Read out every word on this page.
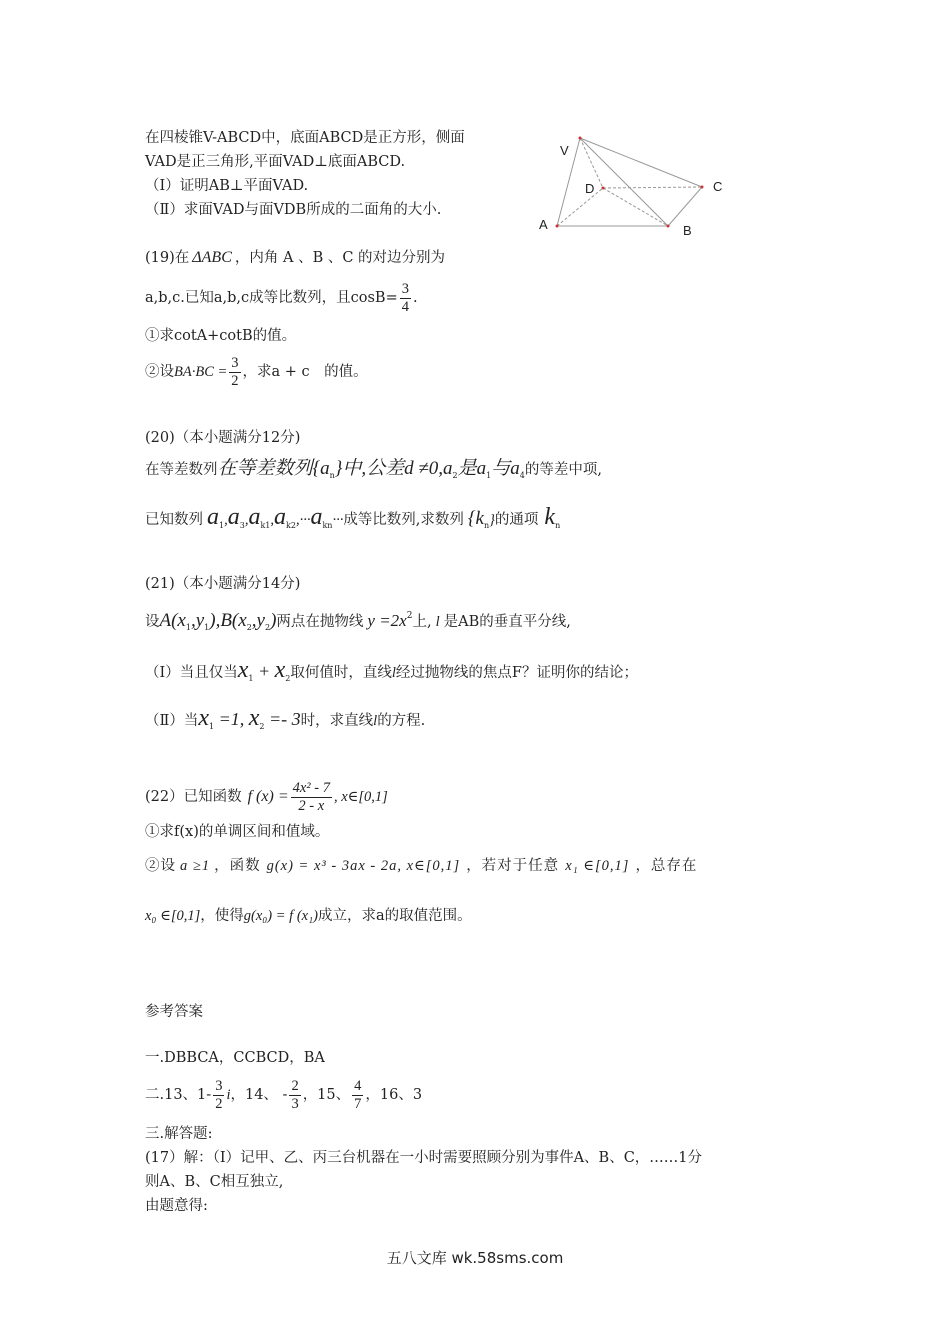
在四棱锥V-ABCD中，底面ABCD是正方形，侧面
VAD是正三角形,平面VAD⊥底面ABCD.
（Ⅰ）证明AB⊥平面VAD.
（Ⅱ）求面VAD与面VDB所成的二面角的大小.
V
D	C
A	B
(19)在 ΔABC ，内角 A 、B 、C 的对边分别为
a,b,c.已知a,b,c成等比数列，且$\cos B= \frac{3}{4}$ .
①求cotA+cotB的值。
②设$BA\cdot BC = \frac{3}{2}$ ，求a + c　的值。
(20)（本小题满分12分)
在等差数列在等差数列$\{a_n\}$中,公差$d \ne 0,a_2$是$a_1$与$a_4$的等差中项,
已知数列 $a_1,a_3,a_{k1},a_{k2},\cdot\cdot\cdot a_{kn}\cdot\cdot\cdot$成等比数列,求数列 $\{k_n\}$的通项 $k_n$
(21)（本小题满分14分)
设$A(x_1,y_1),B(x_2,y_2)$两点在抛物线 $y =2x^2$上, l 是AB的垂直平分线,
（Ⅰ）当且仅当$x_1 + x_2$取何值时，直线l经过抛物线的焦点F？证明你的结论；
（Ⅱ）当$x_1 =1$, $x_2 =- 3$时，求直线l的方程.
(22）已知函数 f $(x) = \frac{\text{4x² - 7}}{2 - x}$ , x∈[0,1]
①求f(x)的单调区间和值域。
②设 a ≥1 ，函数 g(x) = x³ - 3ax - 2a, x∈[0,1] ，若对于任意 x₁ ∈[0,1] ，总存在
x₀ ∈[0,1]，使得g(x₀) = f (x₁)成立，求a的取值范围。
参考答案
一.DBBCA，CCBCD，BA
二.13、$1- \frac{3}{2}$ i，14、 - $\frac{2}{3}$ ，15、 $\frac{4}{7}$ ，16、3
三.解答题:
(17）解：（Ⅰ）记甲、乙、丙三台机器在一小时需要照顾分别为事件A、B、C，……1分
则A、B、C相互独立,
由题意得:
五八文库 wk.58sms.com
